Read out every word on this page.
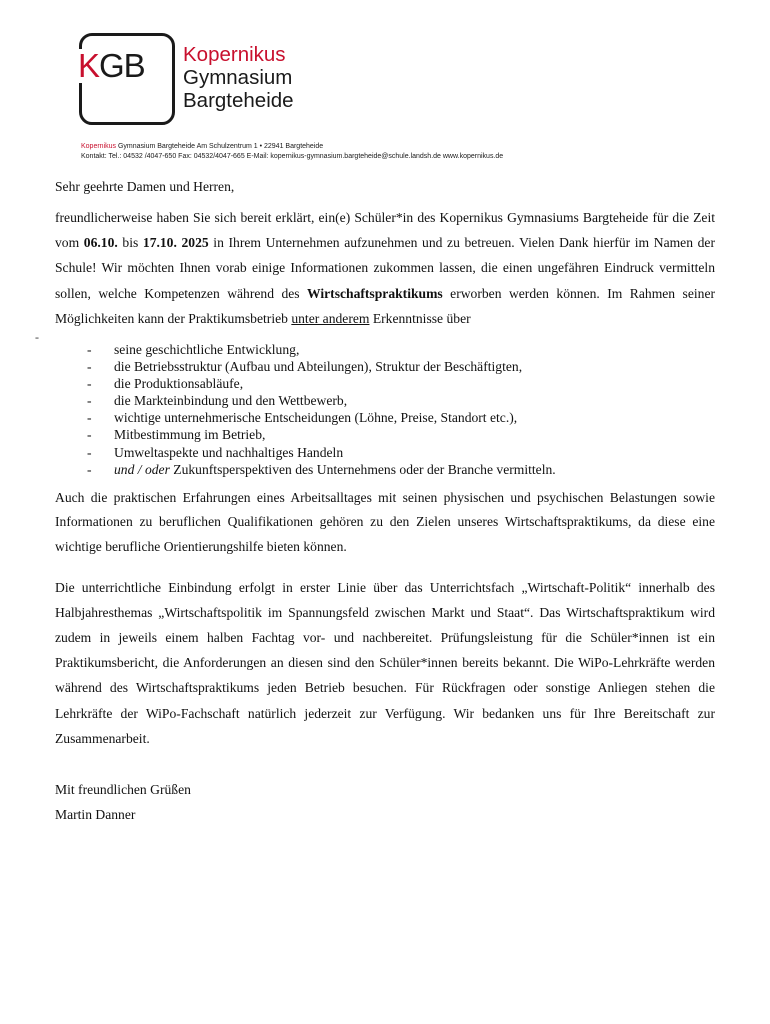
KGB Kopernikus
Gymnasium
Bargteheide
Kopernikus Gymnasium Bargteheide Am Schulzentrum 1 • 22941 Bargteheide
Kontakt: Tel.: 04532 /4047-650 Fax: 04532/4047-665 E-Mail: kopernikus-gymnasium.bargteheide@schule.landsh.de www.kopernikus.de
-

Sehr geehrte Damen und Herren,

freundlicherweise haben Sie sich bereit erklärt, ein(e) Schüler*in des Kopernikus Gymnasiums Bargteheide für die Zeit vom 06.10. bis 17.10. 2025 in Ihrem Unternehmen aufzunehmen und zu betreuen. Vielen Dank hierfür im Namen der Schule! Wir möchten Ihnen vorab einige Informationen zukommen lassen, die einen ungefähren Eindruck vermitteln sollen, welche Kompetenzen während des Wirtschaftspraktikums erworben werden können. Im Rahmen seiner Möglichkeiten kann der Praktikumsbetrieb unter anderem Erkenntnisse über

- seine geschichtliche Entwicklung,
- die Betriebsstruktur (Aufbau und Abteilungen), Struktur der Beschäftigten,
- die Produktionsabläufe,
- die Markteinbindung und den Wettbewerb,
- wichtige unternehmerische Entscheidungen (Löhne, Preise, Standort etc.),
- Mitbestimmung im Betrieb,
- Umweltaspekte und nachhaltiges Handeln
- und / oder Zukunftsperspektiven des Unternehmens oder der Branche vermitteln.

Auch die praktischen Erfahrungen eines Arbeitsalltages mit seinen physischen und psychischen Belastungen sowie Informationen zu beruflichen Qualifikationen gehören zu den Zielen unseres Wirtschaftspraktikums, da diese eine wichtige berufliche Orientierungshilfe bieten können.

Die unterrichtliche Einbindung erfolgt in erster Linie über das Unterrichtsfach „Wirtschaft-Politik“ innerhalb des Halbjahresthemas „Wirtschaftspolitik im Spannungsfeld zwischen Markt und Staat“. Das Wirtschaftspraktikum wird zudem in jeweils einem halben Fachtag vor- und nachbereitet. Prüfungsleistung für die Schüler*innen ist ein Praktikumsbericht, die Anforderungen an diesen sind den Schüler*innen bereits bekannt. Die WiPo-Lehrkräfte werden während des Wirtschaftspraktikums jeden Betrieb besuchen. Für Rückfragen oder sonstige Anliegen stehen die Lehrkräfte der WiPo-Fachschaft natürlich jederzeit zur Verfügung. Wir bedanken uns für Ihre Bereitschaft zur Zusammenarbeit.

Mit freundlichen Grüßen
Martin Danner
